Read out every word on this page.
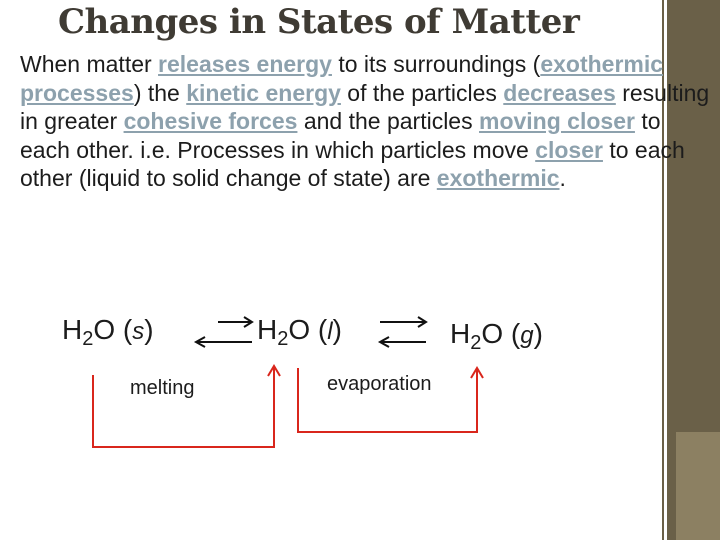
Changes in States of Matter

When matter releases energy to its surroundings (exothermic processes) the kinetic energy of the particles decreases resulting in greater cohesive forces and the particles moving closer to each other. i.e. Processes in which particles move closer to each other (liquid to solid change of state) are exothermic.

$H_2O$ (s)	$H_2O$ (l)	$H_2O$ (g)
melting	evaporation
